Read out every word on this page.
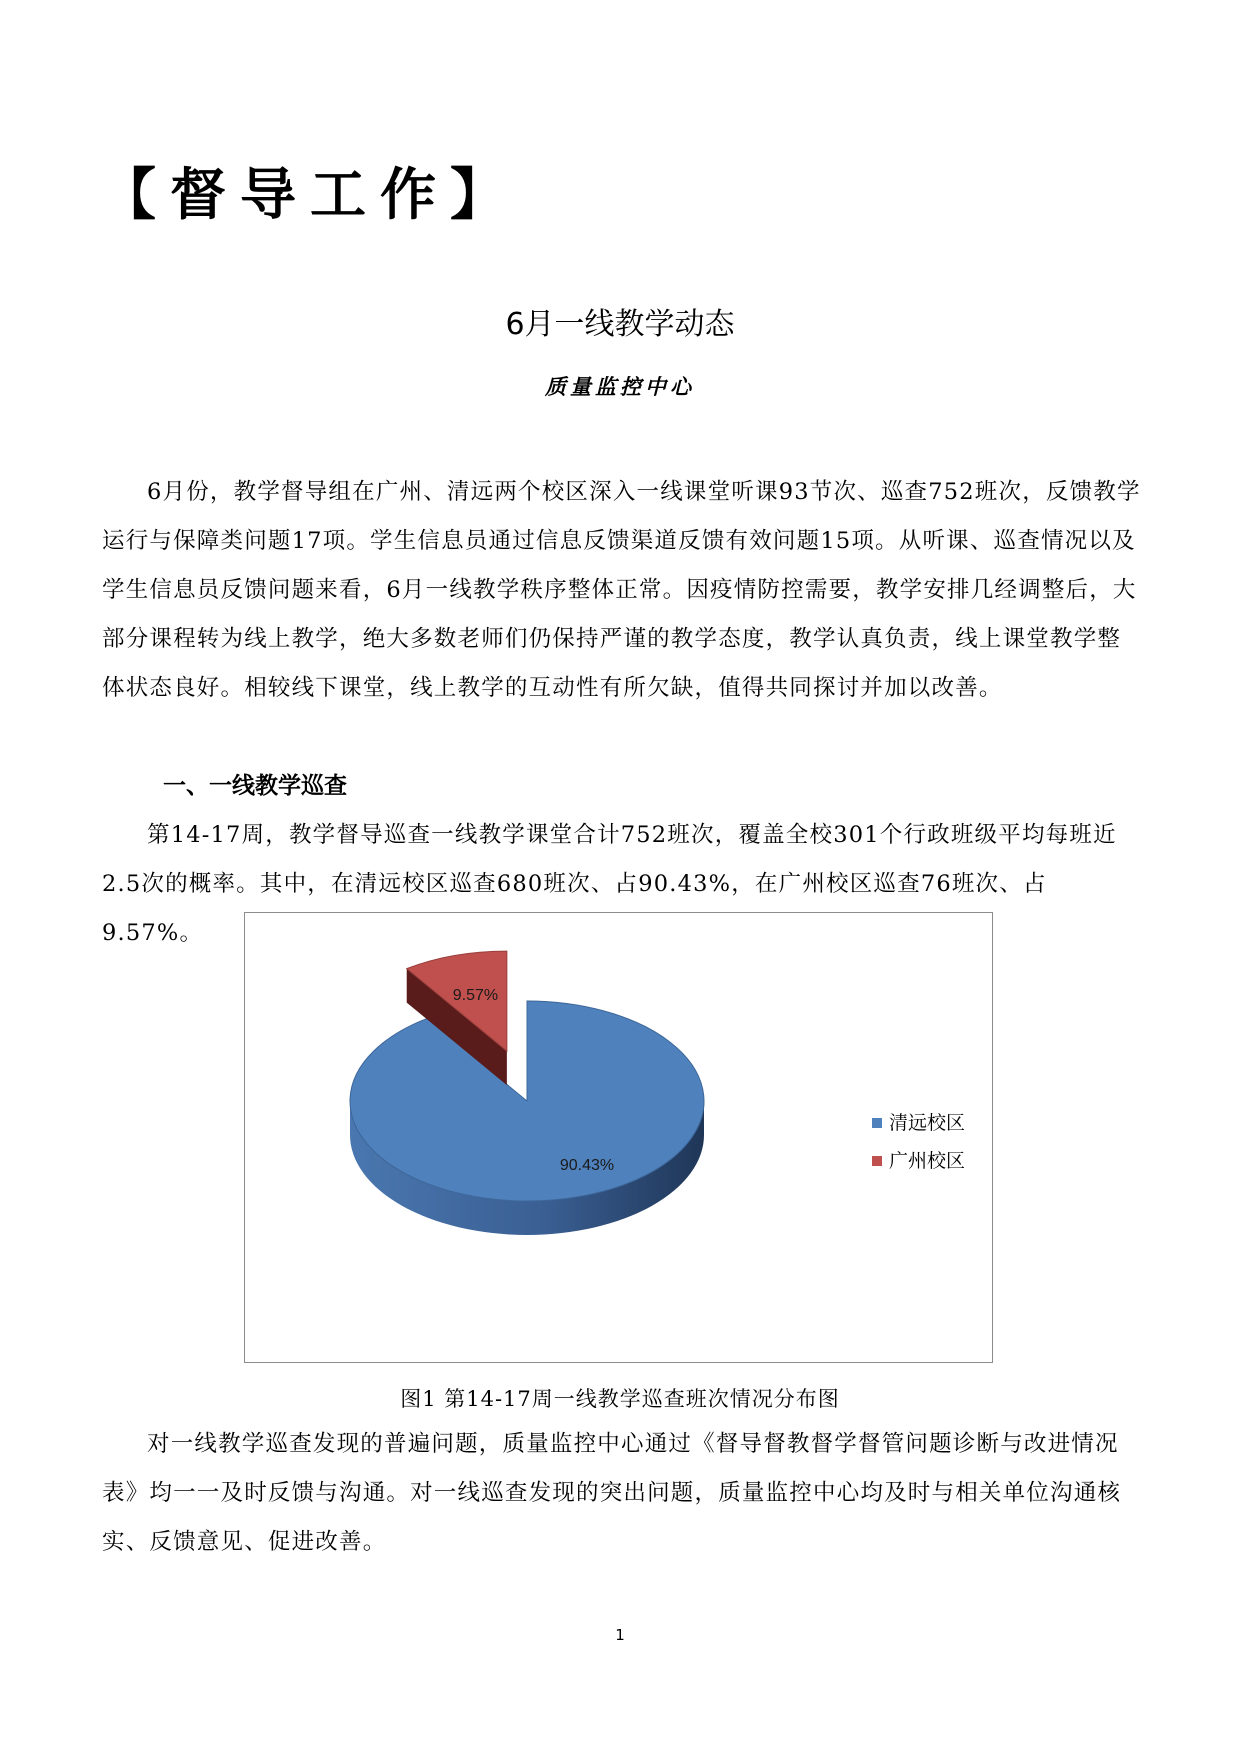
【督导工作】
6月一线教学动态
质量监控中心

6月份，教学督导组在广州、清远两个校区深入一线课堂听课93节次、巡查752班次，反馈教学运行与保障类问题17项。学生信息员通过信息反馈渠道反馈有效问题15项。从听课、巡查情况以及学生信息员反馈问题来看，6月一线教学秩序整体正常。因疫情防控需要，教学安排几经调整后，大部分课程转为线上教学，绝大多数老师们仍保持严谨的教学态度，教学认真负责，线上课堂教学整体状态良好。相较线下课堂，线上教学的互动性有所欠缺，值得共同探讨并加以改善。

一、一线教学巡查

第14-17周，教学督导巡查一线教学课堂合计752班次，覆盖全校301个行政班级平均每班近2.5次的概率。其中，在清远校区巡查680班次、占90.43%，在广州校区巡查76班次、占9.57%。

90.43%
9.57%
清远校区
广州校区
图1 第14-17周一线教学巡查班次情况分布图

对一线教学巡查发现的普遍问题，质量监控中心通过《督导督教督学督管问题诊断与改进情况表》均一一及时反馈与沟通。对一线巡查发现的突出问题，质量监控中心均及时与相关单位沟通核实、反馈意见、促进改善。

1
